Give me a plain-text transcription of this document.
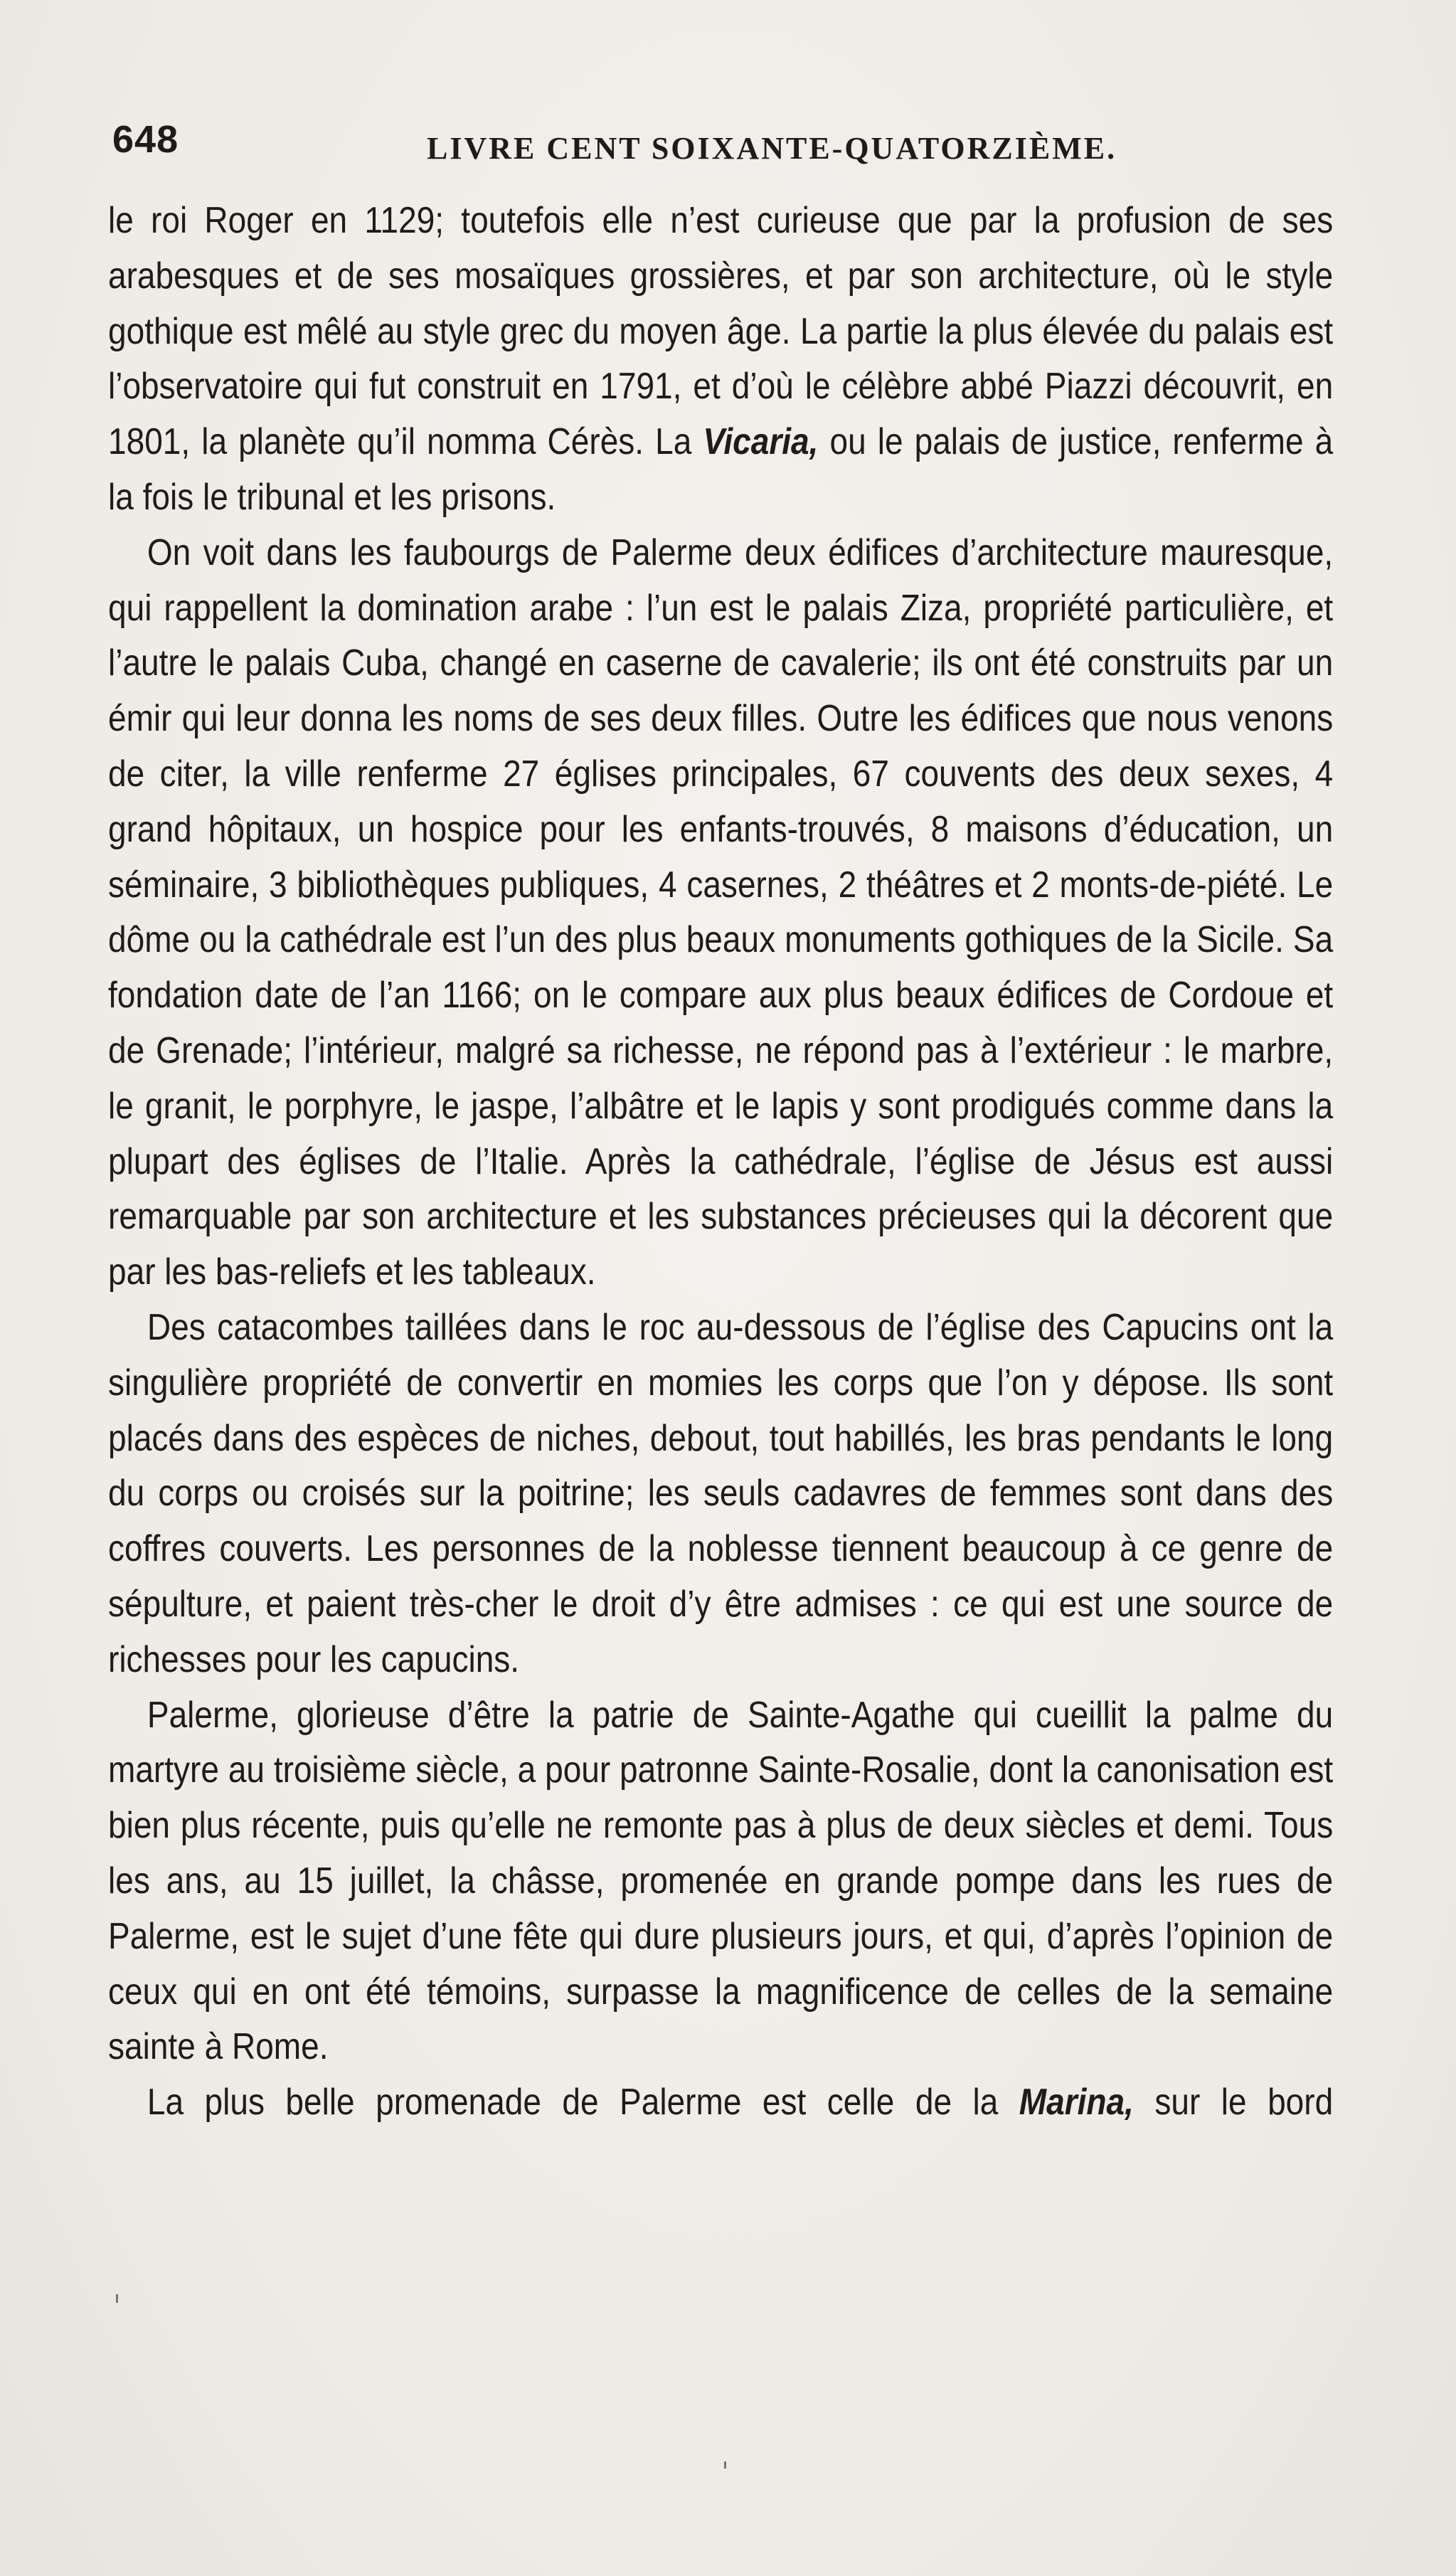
648	LIVRE CENT SOIXANTE-QUATORZIÈME.

le roi Roger en 1129; toutefois elle n’est curieuse que par la profusion de ses arabesques et de ses mosaïques grossières, et par son architecture, où le style gothique est mêlé au style grec du moyen âge. La partie la plus élevée du palais est l’observatoire qui fut construit en 1791, et d’où le célèbre abbé Piazzi découvrit, en 1801, la planète qu’il nomma Cérès. La Vicaria, ou le palais de justice, renferme à la fois le tribunal et les prisons.

On voit dans les faubourgs de Palerme deux édifices d’architecture mauresque, qui rappellent la domination arabe : l’un est le palais Ziza, propriété particulière, et l’autre le palais Cuba, changé en caserne de cavalerie; ils ont été construits par un émir qui leur donna les noms de ses deux filles. Outre les édifices que nous venons de citer, la ville renferme 27 églises principales, 67 couvents des deux sexes, 4 grand hôpitaux, un hospice pour les enfants-trouvés, 8 maisons d’éducation, un séminaire, 3 bibliothèques publiques, 4 casernes, 2 théâtres et 2 monts-de-piété. Le dôme ou la cathédrale est l’un des plus beaux monuments gothiques de la Sicile. Sa fondation date de l’an 1166; on le compare aux plus beaux édifices de Cordoue et de Grenade; l’intérieur, malgré sa richesse, ne répond pas à l’extérieur : le marbre, le granit, le porphyre, le jaspe, l’albâtre et le lapis y sont prodigués comme dans la plupart des églises de l’Italie. Après la cathédrale, l’église de Jésus est aussi remarquable par son architecture et les substances précieuses qui la décorent que par les bas-reliefs et les tableaux.

Des catacombes taillées dans le roc au-dessous de l’église des Capucins ont la singulière propriété de convertir en momies les corps que l’on y dépose. Ils sont placés dans des espèces de niches, debout, tout habillés, les bras pendants le long du corps ou croisés sur la poitrine; les seuls cadavres de femmes sont dans des coffres couverts. Les personnes de la noblesse tiennent beaucoup à ce genre de sépulture, et paient très-cher le droit d’y être admises : ce qui est une source de richesses pour les capucins.

Palerme, glorieuse d’être la patrie de Sainte-Agathe qui cueillit la palme du martyre au troisième siècle, a pour patronne Sainte-Rosalie, dont la canonisation est bien plus récente, puis qu’elle ne remonte pas à plus de deux siècles et demi. Tous les ans, au 15 juillet, la châsse, promenée en grande pompe dans les rues de Palerme, est le sujet d’une fête qui dure plusieurs jours, et qui, d’après l’opinion de ceux qui en ont été témoins, surpasse la magnificence de celles de la semaine sainte à Rome.

La plus belle promenade de Palerme est celle de la Marina, sur le bord
